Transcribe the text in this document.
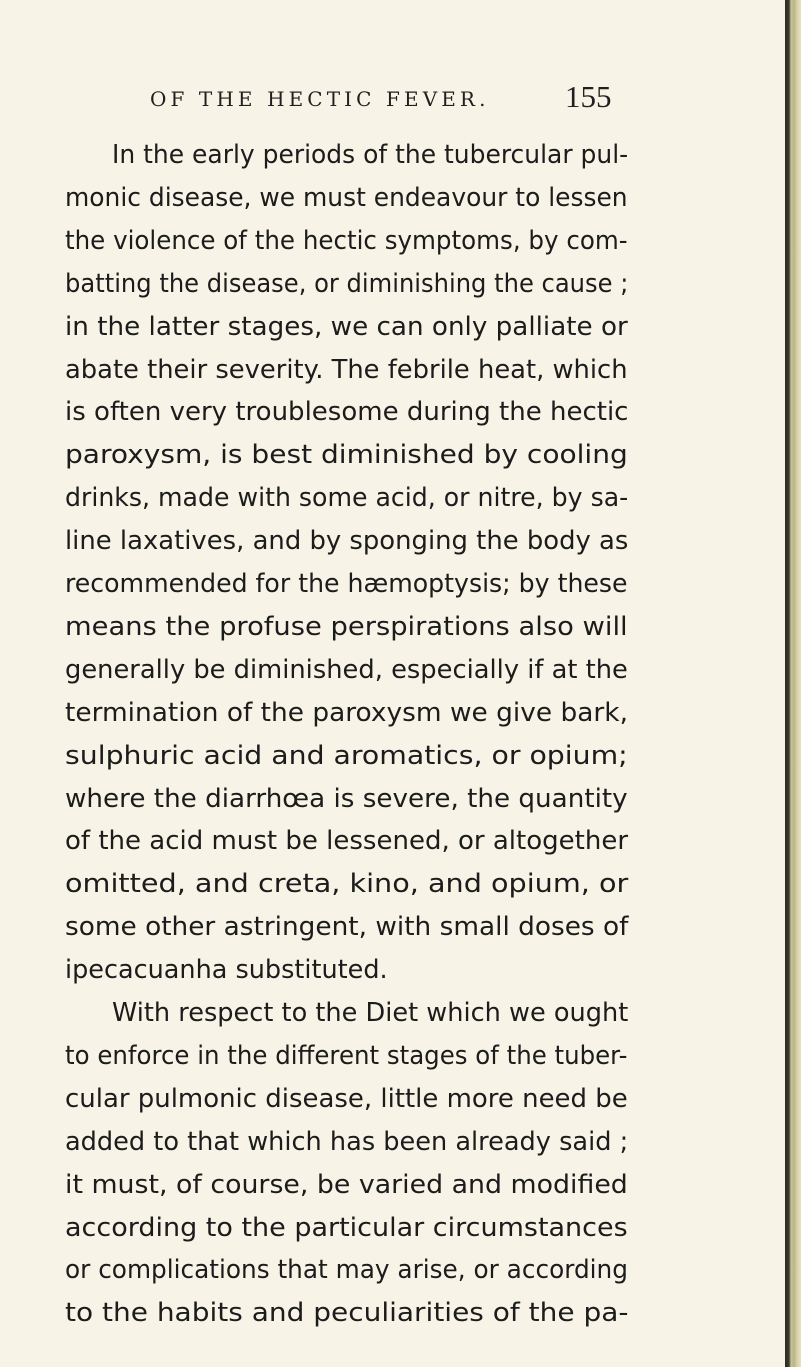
OF THE HECTIC FEVER. 155
In the early periods of the tubercular pul-
monic disease, we must endeavour to lessen
the violence of the hectic symptoms, by com-
batting the disease, or diminishing the cause ;
in the latter stages, we can only palliate or
abate their severity. The febrile heat, which
is often very troublesome during the hectic
paroxysm, is best diminished by cooling
drinks, made with some acid, or nitre, by sa-
line laxatives, and by sponging the body as
recommended for the hæmoptysis; by these
means the profuse perspirations also will
generally be diminished, especially if at the
termination of the paroxysm we give bark,
sulphuric acid and aromatics, or opium;
where the diarrhœa is severe, the quantity
of the acid must be lessened, or altogether
omitted, and creta, kino, and opium, or
some other astringent, with small doses of
ipecacuanha substituted.
With respect to the Diet which we ought
to enforce in the different stages of the tuber-
cular pulmonic disease, little more need be
added to that which has been already said ;
it must, of course, be varied and modified
according to the particular circumstances
or complications that may arise, or according
to the habits and peculiarities of the pa-
